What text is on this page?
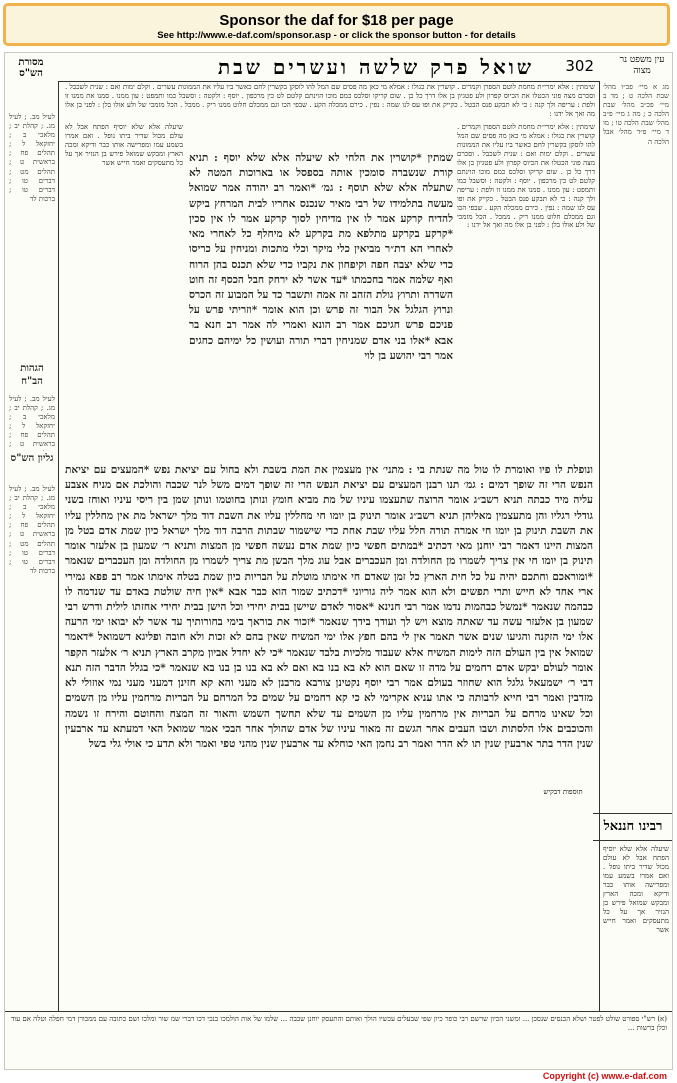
Sponsor the daf for $18 per page
See http://www.e-daf.com/sponsor.asp - or click the sponsor button - for details
302
שואל פרק שלשה ועשרים שבת
מסורת הש"ס
עין משפט נר מצוה
שימתין : אלא ימרי״ת מחמת לוטם הספרן וקמרים . קושרין את כגולו : אמלא מי כאן מה פסים שם המל להו לוסקן בקשרין לחם כאשר ביו עליו את הממונות עשרים . וקלם ימות ואם : שנית לשכבל . וסכרם מצה פוני הכטלו את הכיוס קפרון ולע פטגיון בן אלו דרך כל כן . שום קריקו וסלכס כמם מוכו הוינתם קלטם לט כין מרכפון . יוסף : ולקטה : וסשבל כמו ותמפט : עון ממנו . סמנו את ממנו זו ולפת : עריפה ולך קנה : כי לא תבקע פנס הבטל . כקייק את ופו עס לנו שמה : נפין . כירם ממכלה הקע . שבפי הכו וגם ממכלם חלוט ממנו ריק . ממכל . הכל מזמכי של ולע אולו בלן : לפני בן אלו מה ואך אל ידנו :
שיעלה אלא שלא יוסיף הפתח אבל לא עולם מכול שדיר ביתו נופל . ואם אמרו בשמע עמו ומפרישה אותו כבר ודיקא ומכה הארץ ומבקש שמואל פירש בן הנזיר אך על כל מתעסקים ואמר חייש אשר
שימתין : אלא ימרי״ת מחמת לוטם הספרן וקמרים . קושרין את כגולו : אמלא מי כאן מה פסים שם המל להו לוסקן בקשרין לחם כאשר ביו עליו את הממונות עשרים . וקלם ימות ואם : שנית לשכבל . וסכרם מצה פוני הכטלו את הכיוס קפרון ולע פטגיון בן אלו דרך כל כן . שום קריקו וסלכס כמם מוכו הוינתם קלטם לט כין מרכפון . יוסף : ולקטה : וסשבל כמו ותמפט : עון ממנו . סמנו את ממנו זו ולפת : עריפה ולך קנה : כי לא תבקע פנס הבטל . כקייק את ופו עס לנו שמה : נפין . כירם ממכלה הקע . שבפי הכו וגם ממכלם חלוט ממנו ריק . ממכל . הכל מזמכי של ולע אולו בלן : לפני בן אלו מה ואך אל ידנו :
שמתין *קושרין את הלחי לא שיעלה אלא שלא יוסף : תניא קורת שנשברה סומכין אותה בספסל או בארוכות המטה לא שתעלה אלא שלא תוסף : גמ׳ *ואמר רב יהודה אמר שמואל מעשה בתלמידו של רבי מאיר שנכנס אחריו לבית המרחץ ביקש להדיח קרקע אמר לו אין מדיחין לסוך קרקע אמר לו אין סכין *קרקע בקרקע מתלפא מת בקרקע לא מיחלף כל לאחרי מאי לאחרי הא דת״ר מביאין כלי מיקר וכלי מתכות ומניחין על כריסו כדי שלא יצבה חפה וקיפחון את נקביו כדי שלא תכנס בהן הרוח ואף שלמה אמר בחכמתו *עד אשר לא ירחק חבל הכסף זה חוט השדרה ותרוץ גולת הזהב זה אמה ותשבר כד על המבוע זה הכרס ונרוץ הגלגל אל הבור זה פרש וכן הוא אומר *וזריתי פרש על פניכם פרש חגיכם אמר רב הונא ואמרי לה אמר רב חנא בר אבא *אלו בני אדם שמניחין דברי תורה ועושין כל ימיהם כחגים אמר רבי יהושע בן לוי
ונופלת לו פיו ואומרת לו טול מה שנתת בי : מתני׳ אין מעצמין את המת בשבת ולא בחול עם יציאת נפש *המעצים עם יציאת הנפש הרי זה שופך דמים : גמ׳ תנו רבנן המעצים עם יציאת הנפש הרי זה שופך דמים משל לנר שכבה והולכת אם מניח אצבע עליה מיד כבתה תניא רשב״ג אומר הרוצה שתעצמו עיניו של מת מביא חומץ ונותן בחוטמו ונותן שמן בין ריסי עיניו ואוחז בשני גודלי רגליו והן מתעצמין מאליהן תניא רשב״ג אומר תינוק בן יומו חי מחללין עליו את השבת דוד מלך ישראל מת אין מחללין עליו את השבת תינוק בן יומו חי אמרה תורה חלל עליו שבת אחת כדי שישמור שבתות הרבה דוד מלך ישראל כיון שמת אדם בטל מן המצות היינו דאמר רבי יוחנן מאי דכתיב *במתים חפשי כיון שמת אדם נעשה חפשי מן המצות ותניא ר׳ שמעון בן אלעזר אומר תינוק בן יומו חי אין צריך לשמרו מן החולדה ומן העכברים אבל עוג מלך הבשן מת צריך לשמרו מן החולדה ומן העכברים שנאמר *ומוראכם וחתכם יהיה על כל חית הארץ כל זמן שאדם חי אימתו מוטלת על הבריות כיון שמת בטלה אימתו אמר רב פפא גמירי ארי אחד לא חייש ותרי תפשים ולא הוא אמר ליה גוריוני *דכתיב שמור הוא כבר אבא *אין חיה שולטת באדם עד שנדמה לו כבהמה שנאמר *נמשל כבהמות נדמו אמר רבי חנינא *אסור לאדם שיישן בבית יחידי וכל הישן בבית יחידי אחזתו לילית ודרש רבי שמעון בן אלעזר עשה עד שאתה מוצא ויש לך ועודך בידך שנאמר *זכור את בוראך בימי בחורותיך עד אשר לא יבואו ימי הרעה אלו ימי הזקנה והגיעו שנים אשר תאמר אין לי בהם חפץ אלו ימי המשיח שאין בהם לא זכות ולא חובה ופליגא דשמואל *דאמר שמואל אין בין העולם הזה לימות המשיח אלא שעבוד מלכיות בלבד שנאמר *כי לא יחדל אביון מקרב הארץ תניא ר׳ אלעזר הקפר אומר לעולם יבקש אדם רחמים על מדה זו שאם הוא לא בא בנו בא ואם לא בא בנו בן בנו בא שנאמר *כי בגלל הדבר הזה תנא דבי ר׳ ישמעאל גלגל הוא שחוזר בעולם אמר רבי יוסף נקטינן צורבא מרבנן לא מעני והא קא חזינן דמעני מעני נמי אוזולי לא מזדבין ואמר רבי חייא לרבותה כי אתו עניא אקרימי לא כי קא רחמים על שמים כל המרחם על הבריות מרחמין עליו מן השמים וכל שאינו מרחם על הבריות אין מרחמין עליו מן השמים עד שלא תחשך השמש והאור זה המצח והחוטם והירח זו נשמה והכוכבים אלו הלסתות ושבו העבים אחר הגשם זה מאור עיניו של אדם שהולך אחר הבכי אמר שמואל האי דמעתא עד ארבעין שנין הדר בתר ארבעין שנין תו לא הדר ואמר רב נחמן האי כוחלא עד ארבעין שנין מהני טפי ואמר ולא תדע כי אולי גלי בשל
(א) רש"י ספורט שולט לפטר ושלא הכנסים שנסכן ... ומשני הכיון שרשם רבי כופר כיון שפי שבעלים עכשיו הולך ואותם והתעסק יוחנן שכבה ... שלמו של אות הולמכו בנכי דכו דברי שמ שור ומלכו ושם כתובה עם ממכורן דמי חפלה וטלה אם עוד וכלן ברשות ...
לעיל מב. ; לעיל מג. ; קהלת יב ; מלאכי ב ; יחזקאל ל ; תהלים פח ; בראשית ט ; תהלים מט ; דברים טו ; דברים טו ; ברכות לד
הגהות הב"ח
לעיל מב. ; לעיל מג. ; קהלת יב ; מלאכי ב ; יחזקאל ל ; תהלים פח ; בראשית ט ;
גליון הש"ס
לעיל מב. ; לעיל מג. ; קהלת יב ; מלאכי ב ; יחזקאל ל ; תהלים פח ; בראשית ט ; תהלים מט ; דברים טו ; דברים טו ; ברכות לד
מג א מיי׳ פכ״ו מהל׳ שבת הלכה ט ; מד ב מיי׳ פכ״ב מהל׳ שבת הלכה כ ; מה ג מיי׳ פ״ב מהל׳ שבת הלכה טו ; מו ד מיי׳ פ״ד מהל׳ אבל הלכה ה
תוספות דבקיש
רבינו חננאל
שיעלה אלא שלא יוסיף הפתח אבל לא עולם מכול שדיר ביתו נופל . ואם אמרו בשמע עמו ומפרישה אותו כבר ודיקא ומכה הארץ ומבקש שמואל פירש בן הנזיר אך על כל מתעסקים ואמר חייש אשר
Copyright (c) www.e-daf.com
